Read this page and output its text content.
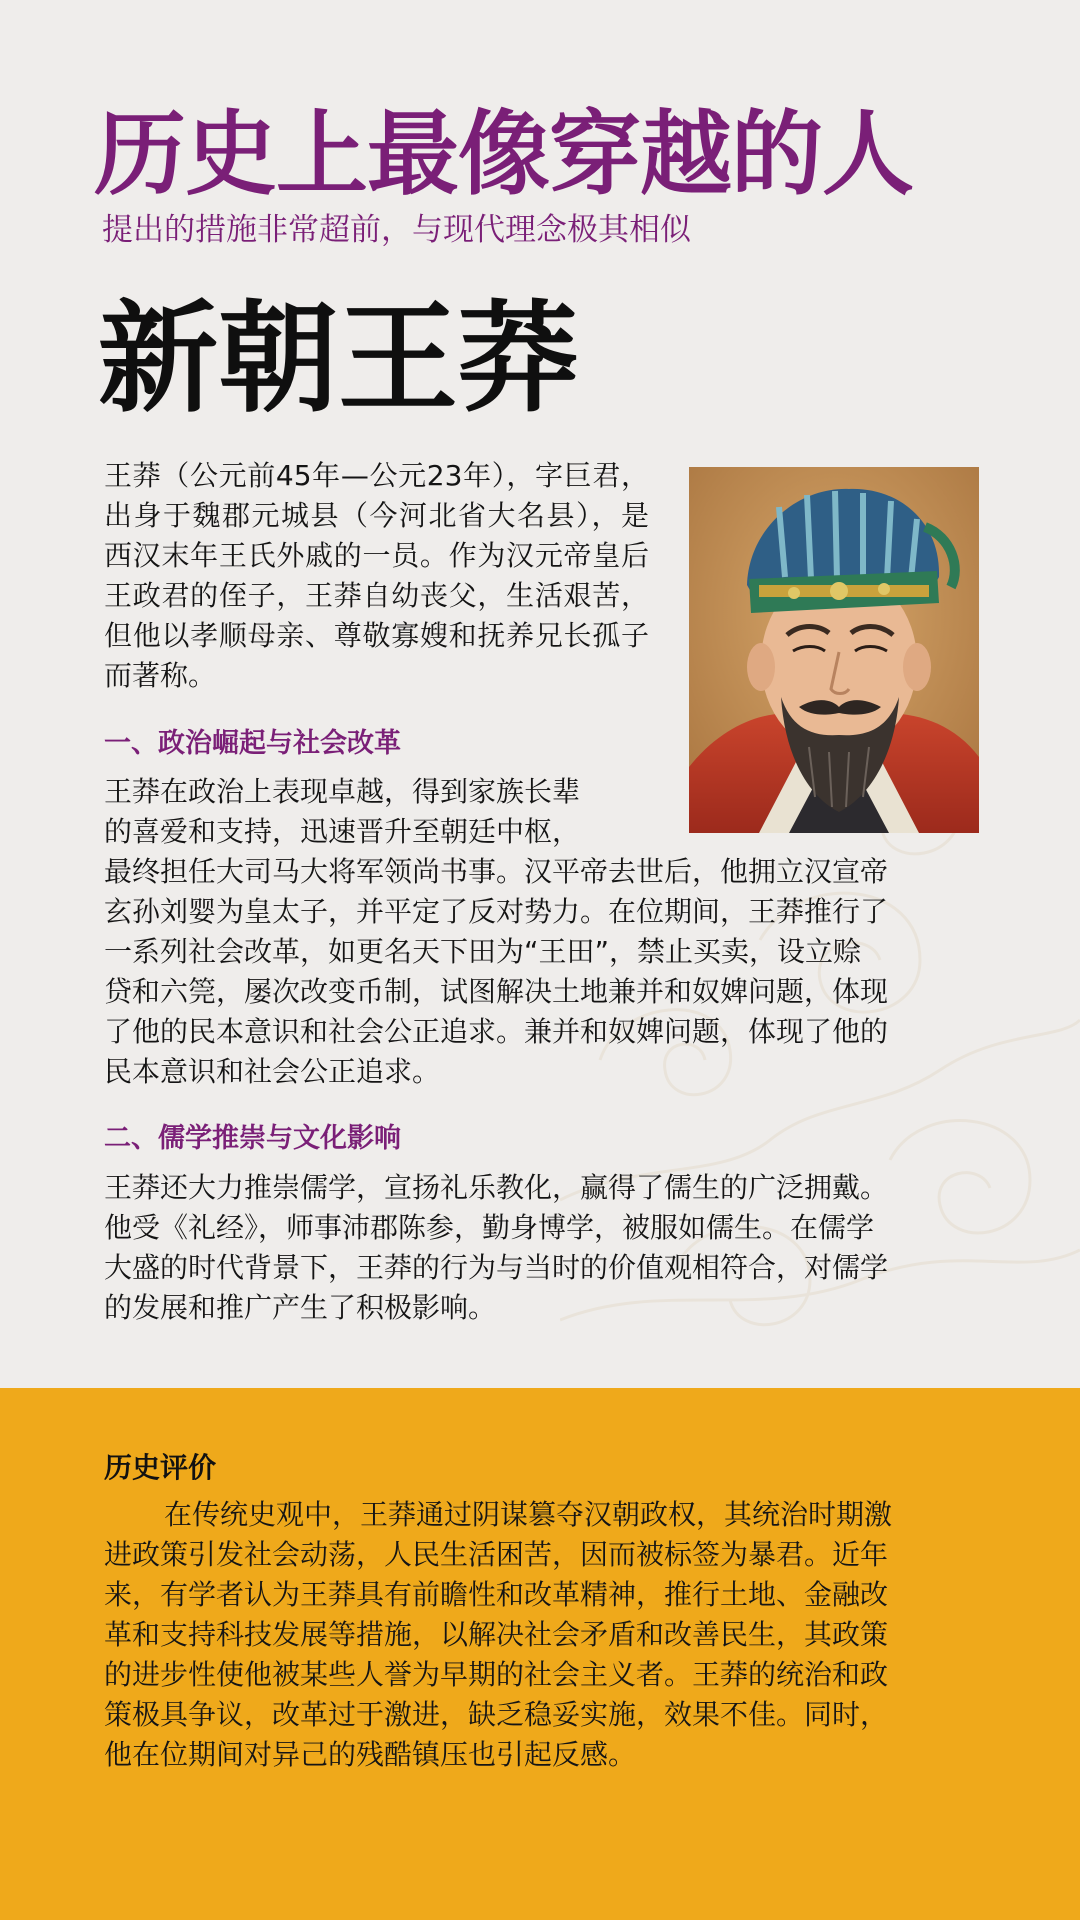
历史上最像穿越的人

提出的措施非常超前，与现代理念极其相似

新朝王莽
王莽（公元前45年—公元23年），字巨君，出身于魏郡元城县（今河北省大名县），是西汉末年王氏外戚的一员。作为汉元帝皇后王政君的侄子，王莽自幼丧父，生活艰苦，但他以孝顺母亲、尊敬寡嫂和抚养兄长孤子而著称。
一、政治崛起与社会改革
王莽在政治上表现卓越，得到家族长辈
的喜爱和支持，迅速晋升至朝廷中枢，
最终担任大司马大将军领尚书事。汉平帝去世后，他拥立汉宣帝
玄孙刘婴为皇太子，并平定了反对势力。在位期间，王莽推行了
一系列社会改革，如更名天下田为“王田”，禁止买卖，设立赊
贷和六筦，屡次改变币制，试图解决土地兼并和奴婢问题，体现
了他的民本意识和社会公正追求。兼并和奴婢问题，体现了他的
民本意识和社会公正追求。
二、儒学推崇与文化影响
王莽还大力推崇儒学，宣扬礼乐教化，赢得了儒生的广泛拥戴。
他受《礼经》，师事沛郡陈参，勤身博学，被服如儒生。在儒学
大盛的时代背景下，王莽的行为与当时的价值观相符合，对儒学
的发展和推广产生了积极影响。
历史评价
在传统史观中，王莽通过阴谋篡夺汉朝政权，其统治时期激
进政策引发社会动荡，人民生活困苦，因而被标签为暴君。近年
来，有学者认为王莽具有前瞻性和改革精神，推行土地、金融改
革和支持科技发展等措施，以解决社会矛盾和改善民生，其政策
的进步性使他被某些人誉为早期的社会主义者。王莽的统治和政
策极具争议，改革过于激进，缺乏稳妥实施，效果不佳。同时，
他在位期间对异己的残酷镇压也引起反感。
